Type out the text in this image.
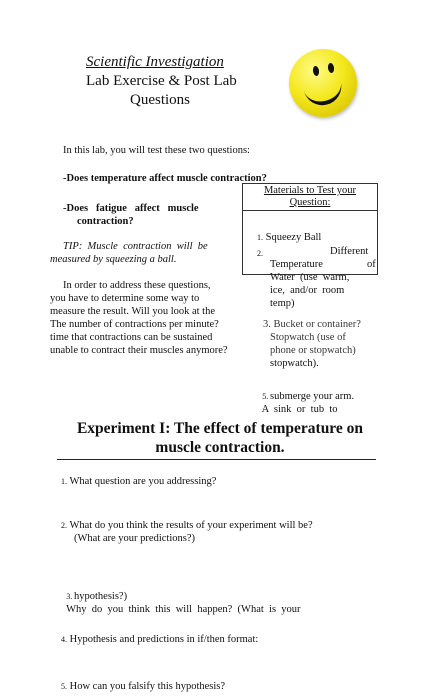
Scientific Investigation
Lab Exercise & Post Lab
Questions
In this lab, you will test these two questions:
-Does temperature affect muscle contraction?
-Does   fatigue   affect   muscle
contraction?
TIP:  Muscle  contraction  will  be
measured by squeezing a ball.
In order to address these questions,
you have to determine some way to
measure the result. Will you look at the
The number of contractions per minute?
time that contractions can be sustained
unable to contract their muscles anymore?
Materials to Test your
Question:
1. Squeezy Ball
2.	Different
Temperature	of
Water  (use  warm,
ice,  and/or  room
temp)
3. Bucket or container?
Stopwatch (use of
phone or stopwatch)
stopwatch).

5.
A  sink  or  tub  to

submerge your arm.
Experiment I: The effect of temperature on
muscle contraction.
1. What question are you addressing?
2. What do you think the results of your experiment will be?
(What are your predictions?)

3.
Why  do  you  think  this  will  happen?  (What  is  your

hypothesis?)
4. Hypothesis and predictions in if/then format:
5. How can you falsify this hypothesis?
